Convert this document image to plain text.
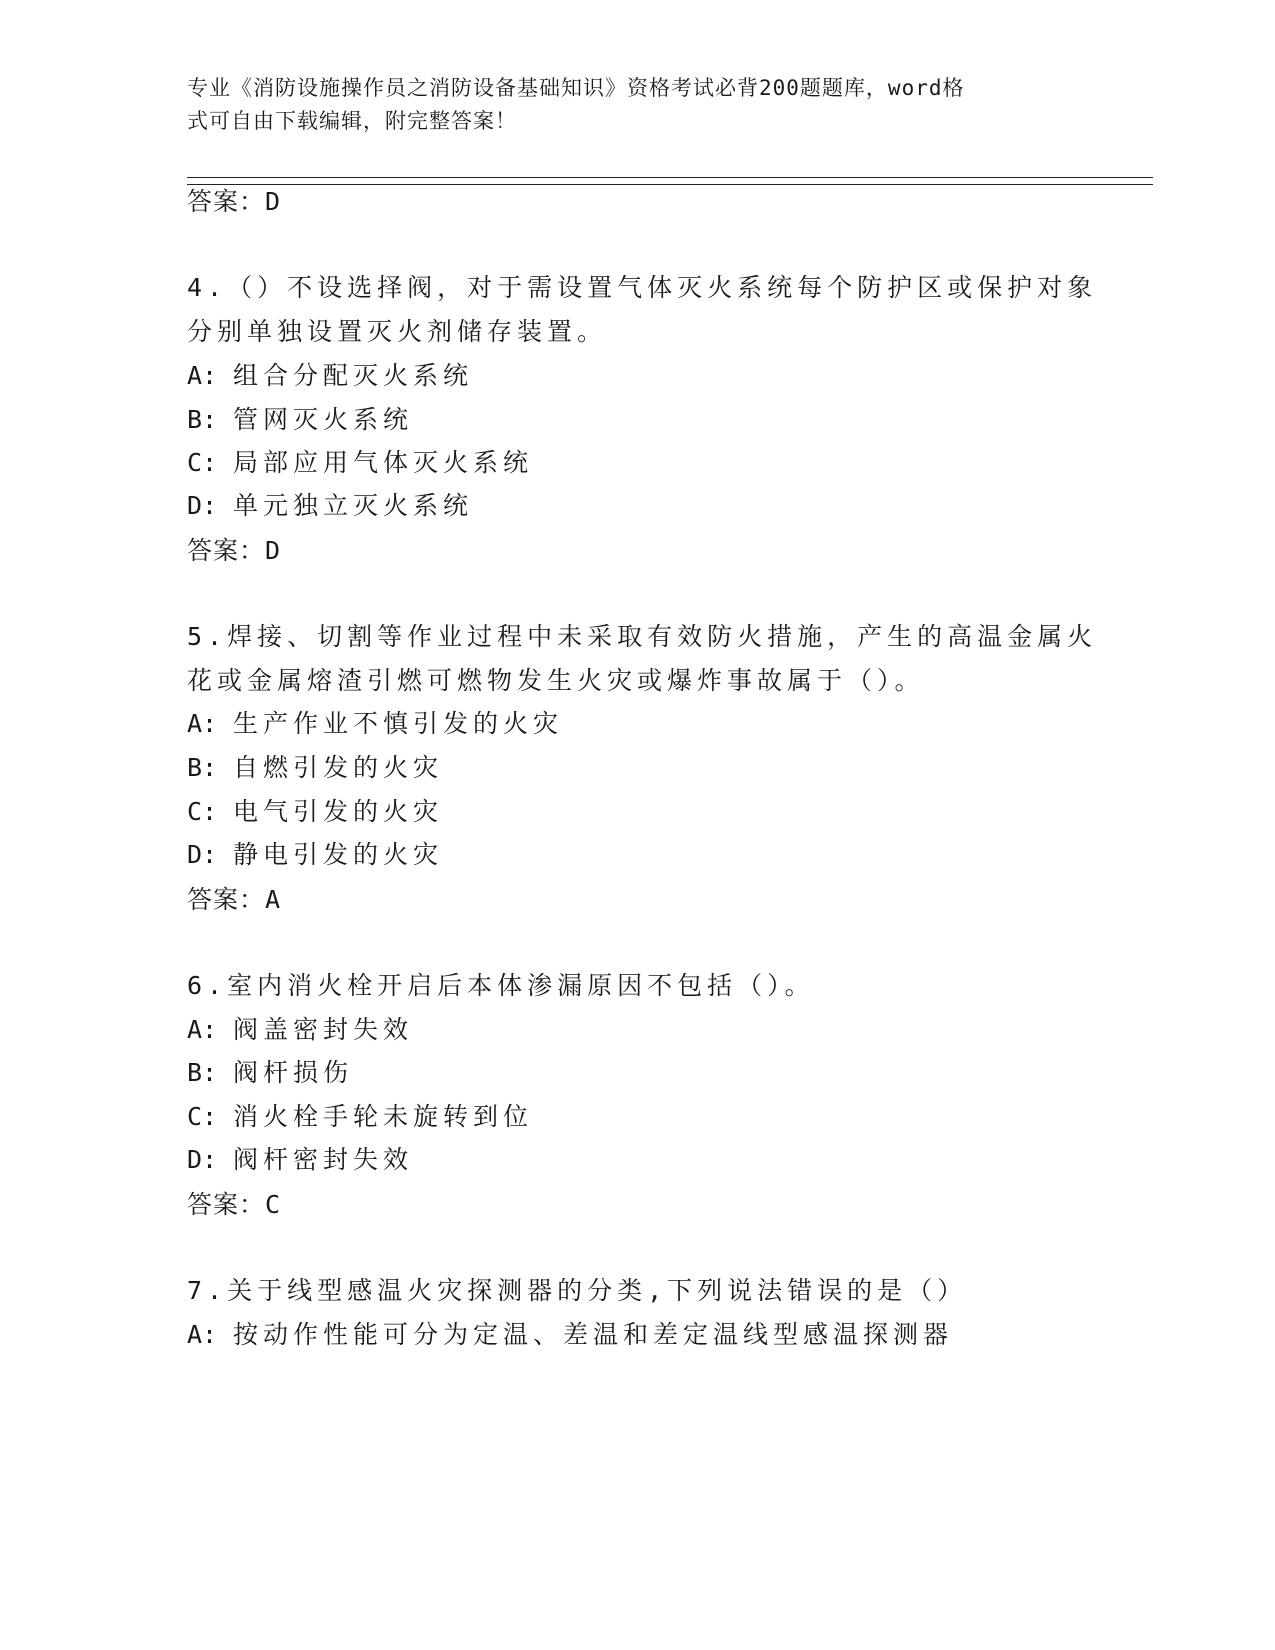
专业《消防设施操作员之消防设备基础知识》资格考试必背200题题库，word格
式可自由下载编辑，附完整答案！
答案：D
4.（）不设选择阀，对于需设置气体灭火系统每个防护区或保护对象
分别单独设置灭火剂储存装置。
A: 组合分配灭火系统
B: 管网灭火系统
C: 局部应用气体灭火系统
D: 单元独立灭火系统
答案：D
5.焊接、切割等作业过程中未采取有效防火措施，产生的高温金属火
花或金属熔渣引燃可燃物发生火灾或爆炸事故属于（）。
A: 生产作业不慎引发的火灾
B: 自燃引发的火灾
C: 电气引发的火灾
D: 静电引发的火灾
答案：A
6.室内消火栓开启后本体渗漏原因不包括（）。
A: 阀盖密封失效
B: 阀杆损伤
C: 消火栓手轮未旋转到位
D: 阀杆密封失效
答案：C
7.关于线型感温火灾探测器的分类,下列说法错误的是（）
A: 按动作性能可分为定温、差温和差定温线型感温探测器
